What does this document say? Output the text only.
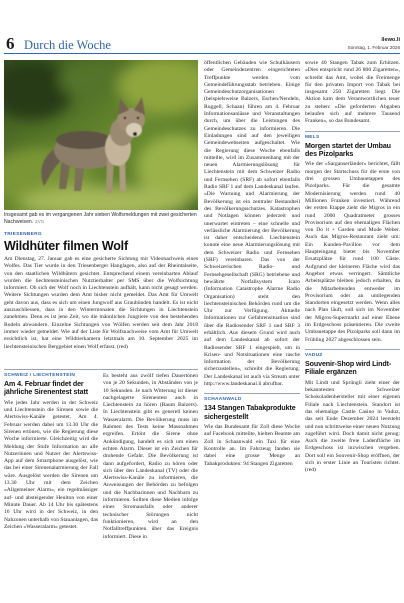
6 Durch die Woche	ilewo.li
Sonntag, 1. Februar 2026

Insgesamt gab es im vergangenen Jahr sieben Wolfsmeldungen mit zwei gesicherten Nachweisen. ZVG

TRIESENBERG

Wildhüter filmen Wolf

Am Dienstag, 27. Januar gab es eine gesicherte Sichtung mit Videonachweis eines Wolfes. Das Tier wurde in den Triesenberger Hanglagen, also auf der Rheintalseite, von den staatlichen Wildhütern gesichtet. Entsprechend einem vereinbarten Ablauf wurden die liechtensteinischen Nutztierhalter per SMS über die Wolfsichtung informiert. Ob sich der Wolf noch in Liechtenstein aufhält, kann nicht gesagt werden. Weitere Sichtungen wurden dem Amt bisher nicht gemeldet. Das Amt für Umwelt geht davon aus, dass es sich um einen Jungwolf aus Graubünden handelt. Es ist nicht auszuschliessen, dass in den Wintermonaten die Sichtungen in Liechtenstein zunehmen. Denn es ist jene Zeit, wo die männlichen Jungtiere von den bestehenden Rudeln abwandern. Einzelne Sichtungen von Wölfen werden seit dem Jahr 2018 immer wieder gemeldet. Wie auf der Liste für Wolfsnachweise vom Amt für Umwelt ersichtlich ist, hat eine Wildtierkamera letztmals am 10. September 2025 im liechtensteinischen Berggebiet einen Wolf erfasst. (red)

SCHWEIZ / LIECHTENSTEIN

Am 4. Februar findet der jährliche Sirenentest statt

Wie jedes Jahr werden in der Schweiz und Liechtenstein die Sirenen sowie die Alertswiss-Kanäle getestet. Am 4. Februar werden dabei um 13.30 Uhr die Sirenen ertönen, wie die Regierung diese Woche informierte. Gleichzeitig wird die Meldung der Stufe Information an alle Nutzerinnen und Nutzer der Alertswiss-App auf dem Smartphone ausgelöst, wie das bei einer Sirenenalarmierung der Fall wäre. Ausgelöst werden die Sirenen um 13.30 Uhr mit dem Zeichen «Allgemeiner Alarm», ein regelmässiger auf- und absteigender Heulton von einer Minute Dauer. Ab 14 Uhr bis spätestens 16 Uhr wird in der Schweiz, in den Nahzonen unterhalb von Stauanlagen, das Zeichen «Wasseralarm» getestet.

Es besteht aus zwölf tiefen Dauertönen von je 20 Sekunden, in Abständen von je 10 Sekunden. Je nach Witterung ist dieser nachgelagerte Sirenentest auch in Liechtenstein zu hören (Raum Balzers). In Liechtenstein gibt es generell keinen Wasseralarm. Die Bevölkerung muss im Rahmen des Tests keine Massnahmen ergreifen. Ertönt die Sirene ohne Ankündigung, handelt es sich um einen echten Alarm. Dieser ist ein Zeichen für drohende Gefahr. Die Bevölkerung ist dann aufgefordert, Radio zu hören oder sich über den Landeskanal (TV) oder die Alertswiss-Kanäle zu informieren, die Anweisungen der Behörden zu befolgen und die Nachbarinnen und Nachbarn zu informieren. Sollten diese Medien infolge eines Stromausfalls oder anderer technischer Störungen nicht funktionieren, wird an den Notfalltreffpunkten über das Ereignis informiert. Diese in

öffentlichen Gebäuden wie Schulhäusern oder Gemeindezentren eingerichteten Treffpunkte werden vom Gemeindeführungsstab betrieben. Einige Gemeindeschutzorganisationen (beispielsweise Balzers, Eschen/Nendeln, Ruggell, Schaan) führen am 4. Februar Informationsanlässe und Veranstaltungen durch, um über die Leistungen des Gemeindeschutzes zu informieren. Die Einladungen sind auf den jeweiligen Gemeindewebseiten aufgeschaltet. Wie die Regierung diese Woche ebenfalls mitteilte, wird im Zusammenhang mit der neuen Alarmierungslösung für Liechtenstein mit dem Schweizer Radio und Fernsehen (SRF) ab sofort ebenfalls Radio SRF 1 auf dem Landeskanal laufen. «Die Warnung und Alarmierung der Bevölkerung ist ein zentraler Bestandteil des Bevölkerungsschutzes. Katastrophen und Notlagen können jederzeit und unerwartet eintreten – eine schnelle und verlässliche Alarmierung der Bevölkerung ist daher entscheidend. Liechtenstein konnte eine neue Alarmierungslösung mit dem Schweizer Radio und Fernsehen (SRF) vereinbaren. Das von der Schweizerischen Radio- und Fernsehgesellschaft (SRG) betriebene und bewährte Notfallsystem Icaro (Information Catastrophe Alarme Radio Organisation) steht den liechtensteinischen Behörden rund um die Uhr zur Verfügung. Aktuelle Informationen zur Gefahrensituation sind über die Radiosender SRF 1 und SRF 3 erhältlich. Aus diesem Grund wird auch auf dem Landeskanal ab sofort der Radiosender SRF 1 eingespielt, um in Krisen- und Notsituationen eine rasche Information der Bevölkerung sicherzustellen», schreibt die Regierung. Der Landeskanal ist auch via Stream unter http://www.landeskanal.li abrufbar.

SCHAANWALD

134 Stangen Tabakprodukte sichergestellt

Wie das Bundesamt für Zoll diese Woche auf Facebook mitteilte, hielten Beamte am Zoll in Schaanwald ein Taxi für eine Kontrolle an. Im Fahrzeug fanden sie dabei eine grosse Menge an Tabakprodukten: 94 Stangen Zigaretten

sowie 40 Stangen Tabak zum Erhitzen. «Dies entspricht rund 26 800 Zigaretten», schreibt das Amt, wobei die Freimenge für den privaten Import von Tabak bei insgesamt 250 Zigaretten liegt. Die Aktion kam dem Verantwortlichen teuer zu stehen: «Die geforderten Abgaben belaufen sich auf mehrere Tausend Franken», so das Bundesamt.

MELS

Morgen startet der Umbau des Pizolparks

Wie der «Sarganserländer» berichtet, fällt morgen der Startschuss für die erste von drei grossen Umbauetappen des Pizolparks. Für die gesamte Modernisierung werden rund 40 Millionen Franken investiert. Während der ersten Etappe zieht die Migros in ein rund 2000 Quadratmeter grosses Provisorium auf den ehemaligen Flächen von Do it + Garden und Mode Weber. Auch das Migros-Restaurant zieht um: Ein Kunden-Pavillon vor dem Haupteingang bietet bis November Ersatzplätze für rund 100 Gäste. Aufgrund der kleineren Fläche wird das Angebot etwas verringert. Sämtliche Arbeitsplätze bleiben jedoch erhalten, da die Mitarbeitenden entweder im Provisorium oder an umliegenden Standorten eingesetzt werden. Wenn alles nach Plan läuft, soll sich im November der Migros-Supermarkt auf einer Ebene im Erdgeschoss präsentieren. Die zweite Umbauetappe des Pizolparks soll dann im Frühling 2027 abgeschlossen sein.

VADUZ

Souvenir-Shop wird Lindt-Filiale ergänzen

Mit Lindt und Sprüngli zieht einer der bekanntesten Schweizer Schokoladenhersteller mit einer eigenen Filiale nach Liechtenstein. Standort ist das ehemalige Castle Casino in Vaduz, das seit Ende Dezember 2024 leersteht und nun schrittweise einer neuen Nutzung zugeführt wird. Doch damit nicht genug: Auch die zweite freie Ladenfläche im Erdgeschoss ist inzwischen vergeben. Dort soll ein Souvenir-Shop eröffnen, der sich in erster Linie an Touristen richtet. (red)
